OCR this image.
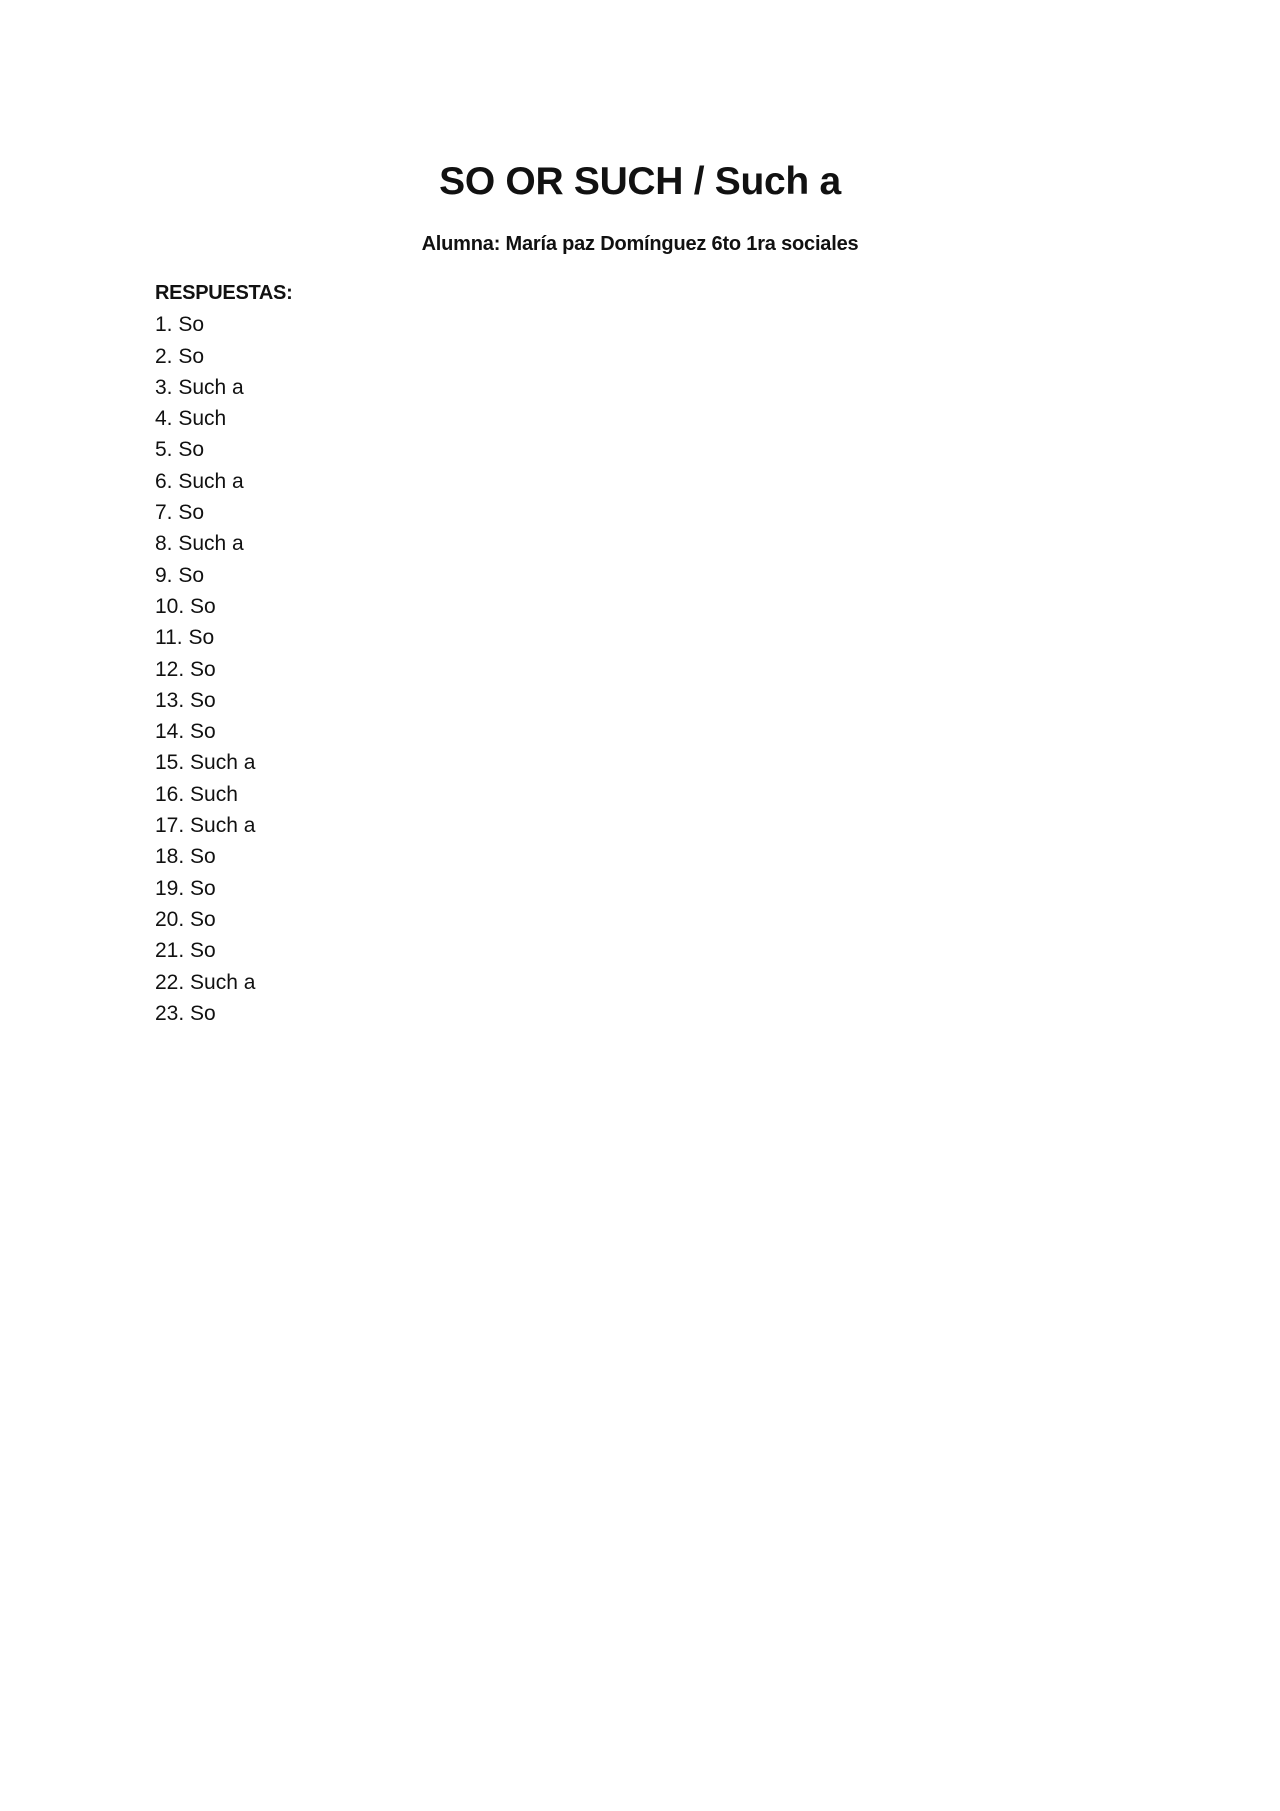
SO OR SUCH / Such a

Alumna: María paz Domínguez 6to 1ra sociales

RESPUESTAS:

1. So
2. So
3. Such a
4. Such
5. So
6. Such a
7. So
8. Such a
9. So
10. So
11. So
12. So
13. So
14. So
15. Such a
16. Such
17. Such a
18. So
19. So
20. So
21. So
22. Such a
23. So
